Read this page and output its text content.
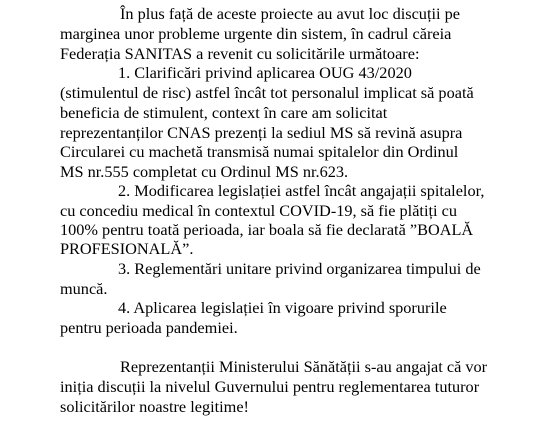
În plus față de aceste proiecte au avut loc discuții pe
marginea unor probleme urgente din sistem, în cadrul căreia
Federația SANITAS a revenit cu solicitările următoare:
1. Clarificări privind aplicarea OUG 43/2020
(stimulentul de risc) astfel încât tot personalul implicat să poată
beneficia de stimulent, context în care am solicitat
reprezentanților CNAS prezenți la sediul MS să revină asupra
Circularei cu machetă transmisă numai spitalelor din Ordinul
MS nr.555 completat cu Ordinul MS nr.623.
2. Modificarea legislației astfel încât angajații spitalelor,
cu concediu medical în contextul COVID-19, să fie plătiți cu
100% pentru toată perioada, iar boala să fie declarată ”BOALĂ
PROFESIONALĂ”.
3. Reglementări unitare privind organizarea timpului de
muncă.
4. Aplicarea legislației în vigoare privind sporurile
pentru perioada pandemiei.
Reprezentanții Ministerului Sănătății s-au angajat că vor
iniția discuții la nivelul Guvernului pentru reglementarea tuturor
solicitărilor noastre legitime!
